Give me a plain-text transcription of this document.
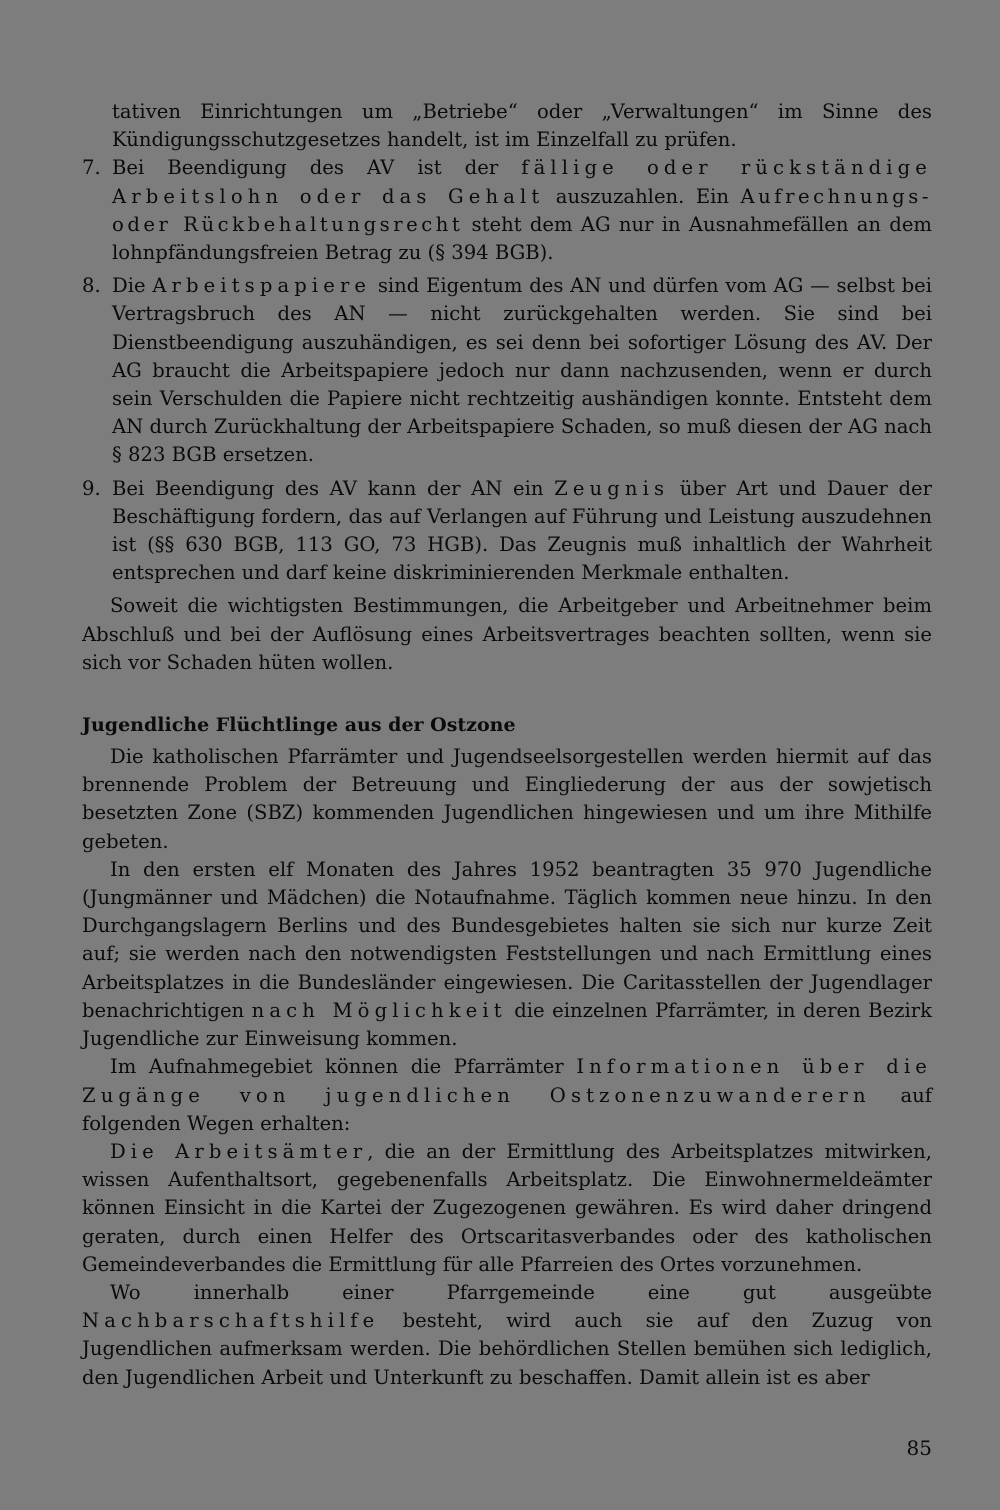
tativen Einrichtungen um „Betriebe“ oder „Verwaltungen“ im Sinne des Kündigungsschutzgesetzes handelt, ist im Einzelfall zu prüfen.

7. Bei Beendigung des AV ist der fällige oder rückständige Arbeitslohn oder das Gehalt auszuzahlen. Ein Aufrechnungs-oder Rückbehaltungsrecht steht dem AG nur in Ausnahmefällen an dem lohnpfändungsfreien Betrag zu (§ 394 BGB).
8. Die Arbeitspapiere sind Eigentum des AN und dürfen vom AG — selbst bei Vertragsbruch des AN — nicht zurückgehalten werden. Sie sind bei Dienstbeendigung auszuhändigen, es sei denn bei sofortiger Lösung des AV. Der AG braucht die Arbeitspapiere jedoch nur dann nachzusenden, wenn er durch sein Verschulden die Papiere nicht rechtzeitig aushändigen konnte. Entsteht dem AN durch Zurückhaltung der Arbeitspapiere Schaden, so muß diesen der AG nach § 823 BGB ersetzen.
9. Bei Beendigung des AV kann der AN ein Zeugnis über Art und Dauer der Beschäftigung fordern, das auf Verlangen auf Führung und Leistung auszudehnen ist (§§ 630 BGB, 113 GO, 73 HGB). Das Zeugnis muß inhaltlich der Wahrheit entsprechen und darf keine diskriminierenden Merkmale enthalten.

Soweit die wichtigsten Bestimmungen, die Arbeitgeber und Arbeitnehmer beim Abschluß und bei der Auflösung eines Arbeitsvertrages beachten sollten, wenn sie sich vor Schaden hüten wollen.

Jugendliche Flüchtlinge aus der Ostzone

Die katholischen Pfarrämter und Jugendseelsorgestellen werden hiermit auf das brennende Problem der Betreuung und Eingliederung der aus der sowjetisch besetzten Zone (SBZ) kommenden Jugendlichen hingewiesen und um ihre Mithilfe gebeten.

In den ersten elf Monaten des Jahres 1952 beantragten 35 970 Jugendliche (Jungmänner und Mädchen) die Notaufnahme. Täglich kommen neue hinzu. In den Durchgangslagern Berlins und des Bundesgebietes halten sie sich nur kurze Zeit auf; sie werden nach den notwendigsten Feststellungen und nach Ermittlung eines Arbeitsplatzes in die Bundesländer eingewiesen. Die Caritasstellen der Jugendlager benachrichtigen nach Möglichkeit die einzelnen Pfarrämter, in deren Bezirk Jugendliche zur Einweisung kommen.

Im Aufnahmegebiet können die Pfarrämter Informationen über die Zugänge von jugendlichen Ostzonenzuwanderern auf folgenden Wegen erhalten:

Die Arbeitsämter, die an der Ermittlung des Arbeitsplatzes mitwirken, wissen Aufenthaltsort, gegebenenfalls Arbeitsplatz. Die Einwohnermeldeämter können Einsicht in die Kartei der Zugezogenen gewähren. Es wird daher dringend geraten, durch einen Helfer des Ortscaritasverbandes oder des katholischen Gemeindeverbandes die Ermittlung für alle Pfarreien des Ortes vorzunehmen.

Wo innerhalb einer Pfarrgemeinde eine gut ausgeübte Nachbarschaftshilfe besteht, wird auch sie auf den Zuzug von Jugendlichen aufmerksam werden. Die behördlichen Stellen bemühen sich lediglich, den Jugendlichen Arbeit und Unterkunft zu beschaffen. Damit allein ist es aber

85
